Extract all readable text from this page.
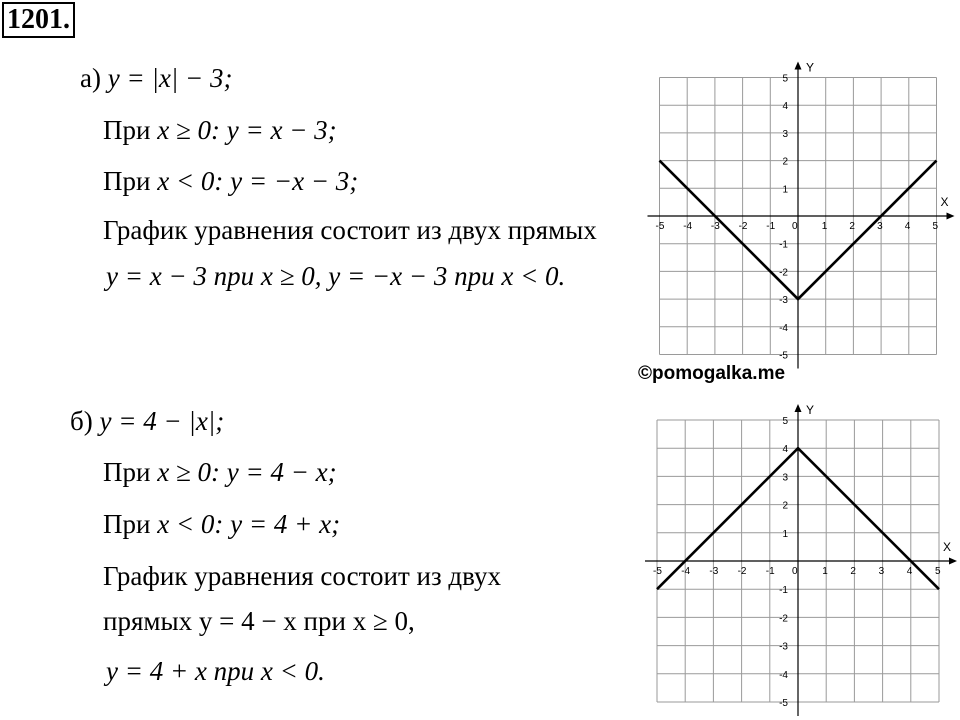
1201.
а) y = |x| − 3;
При x ≥ 0: y = x − 3;
При x < 0: y = −x − 3;
График уравнения состоит из двух прямых
y = x − 3 при x ≥ 0, y = −x − 3 при x < 0.
б) y = 4 − |x|;
При x ≥ 0: y = 4 − x;
При x < 0: y = 4 + x;
График уравнения состоит из двух
прямых y = 4 − x при x ≥ 0,
y = 4 + x при x < 0.
X
Y
-5 -4 -3 -2 -1 0 1 2 3 4 5
-5
-4
-3
-2
-1
1
2
3
4
5
©pomogalka.me
X
Y
-5 -4 -3 -2 -1 0 1 2 3 4 5
-5
-4
-3
-2
-1
1
2
3
4
5
